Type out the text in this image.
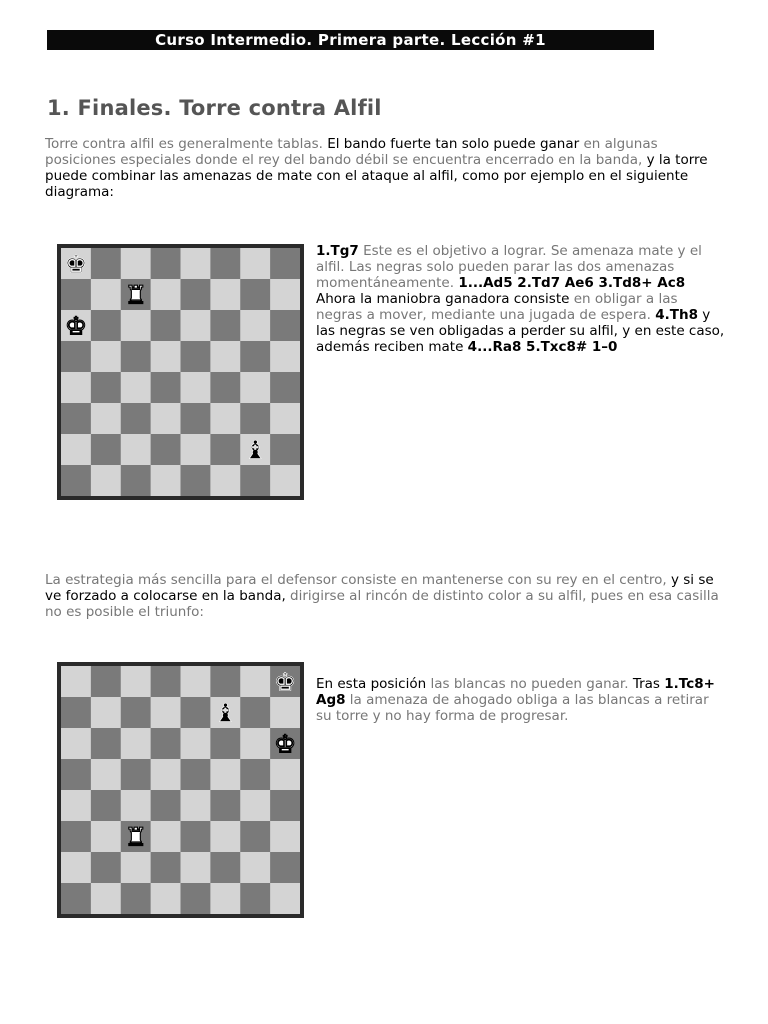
Curso Intermedio. Primera parte. Lección #1
1. Finales. Torre contra Alfil

Torre contra alfil es generalmente tablas. El bando fuerte tan solo puede ganar en algunas posiciones especiales donde el rey del bando débil se encuentra encerrado en la banda, y la torre puede combinar las amenazas de mate con el ataque al alfil, como por ejemplo en el siguiente diagrama:

♚
♜
♚
♝

1.Tg7 Este es el objetivo a lograr. Se amenaza mate y el alfil. Las negras solo pueden parar las dos amenazas momentáneamente. 1...Ad5 2.Td7 Ae6 3.Td8+ Ac8 Ahora la maniobra ganadora consiste en obligar a las negras a mover, mediante una jugada de espera. 4.Th8 y las negras se ven obligadas a perder su alfil, y en este caso, además reciben mate 4...Ra8 5.Txc8# 1–0

La estrategia más sencilla para el defensor consiste en mantenerse con su rey en el centro, y si se ve forzado a colocarse en la banda, dirigirse al rincón de distinto color a su alfil, pues en esa casilla no es posible el triunfo:

♚
♝
♚
♜

En esta posición las blancas no pueden ganar. Tras 1.Tc8+ Ag8 la amenaza de ahogado obliga a las blancas a retirar su torre y no hay forma de progresar.
